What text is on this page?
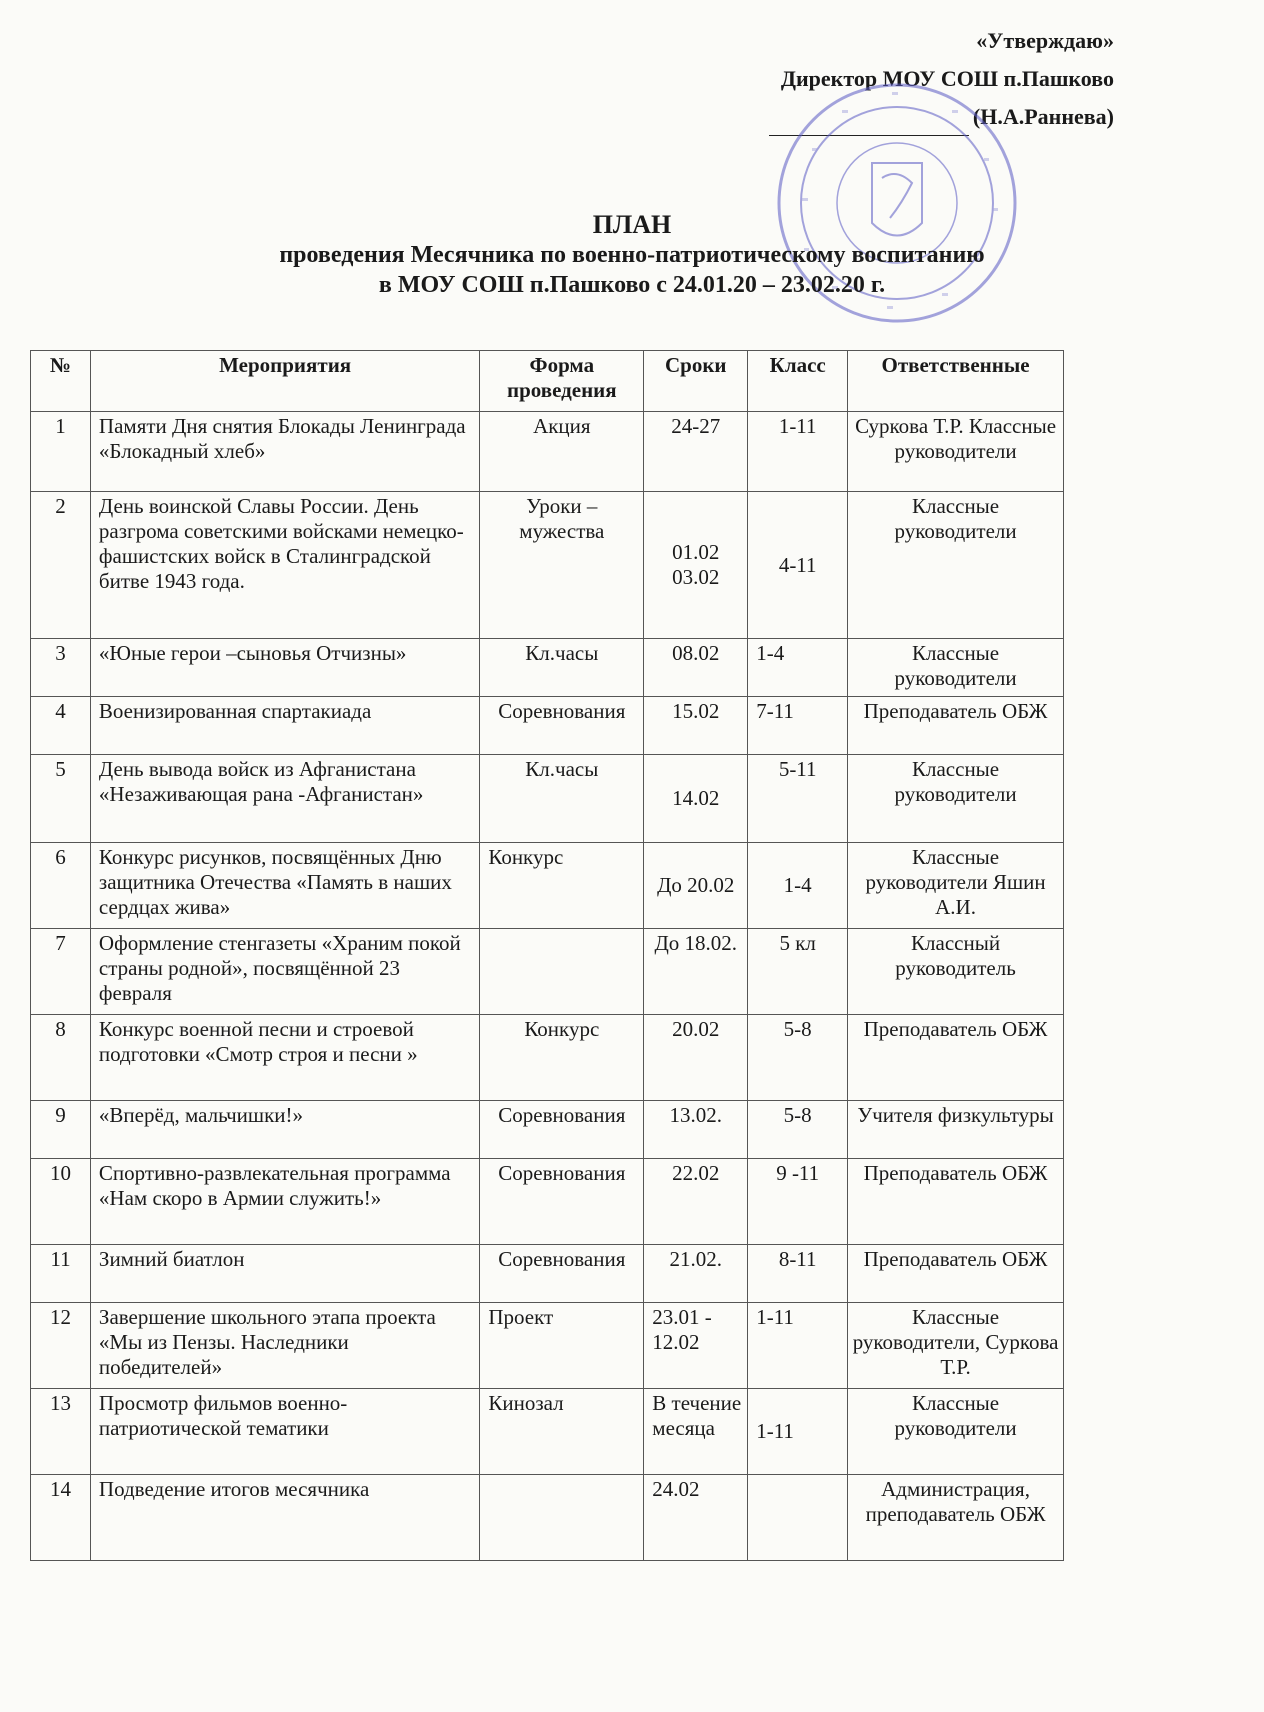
«Утверждаю»
Директор МОУ СОШ п.Пашково
(Н.А.Раннева)
ПЛАН
проведения Месячника по военно-патриотическому воспитанию
в МОУ СОШ п.Пашково с 24.01.20 – 23.02.20 г.
№	Мероприятия	Форма проведения	Сроки	Класс	Ответственные
1	Памяти Дня снятия Блокады Ленинграда «Блокадный хлеб»	Акция	24-27	1-11	Суркова Т.Р. Классные руководители
2	День воинской Славы России. День разгрома советскими войсками немецко-фашистских войск в Сталинградской битве 1943 года.	Уроки – мужества	01.02 03.02	4-11	Классные руководители
3	«Юные герои –сыновья Отчизны»	Кл.часы	08.02	1-4	Классные руководители
4	Военизированная спартакиада	Соревнования	15.02	7-11	Преподаватель ОБЖ
5	День вывода войск из Афганистана «Незаживающая рана -Афганистан»	Кл.часы	14.02	5-11	Классные руководители
6	Конкурс рисунков, посвящённых Дню защитника Отечества «Память в наших сердцах жива»	Конкурс	До 20.02	1-4	Классные руководители Яшин А.И.
7	Оформление стенгазеты «Храним покой страны родной», посвящённой 23 февраля		До 18.02.	5 кл	Классный руководитель
8	Конкурс военной песни и строевой подготовки «Смотр строя и песни »	Конкурс	20.02	5-8	Преподаватель ОБЖ
9	«Вперёд, мальчишки!»	Соревнования	13.02.	5-8	Учителя физкультуры
10	Спортивно-развлекательная программа «Нам скоро в Армии служить!»	Соревнования	22.02	9 -11	Преподаватель ОБЖ
11	Зимний биатлон	Соревнования	21.02.	8-11	Преподаватель ОБЖ
12	Завершение школьного этапа проекта «Мы из Пензы. Наследники победителей»	Проект	23.01 - 12.02	1-11	Классные руководители, Суркова Т.Р.
13	Просмотр фильмов военно-патриотической тематики	Кинозал	В течение месяца	1-11	Классные руководители
14	Подведение итогов месячника		24.02		Администрация, преподаватель ОБЖ
